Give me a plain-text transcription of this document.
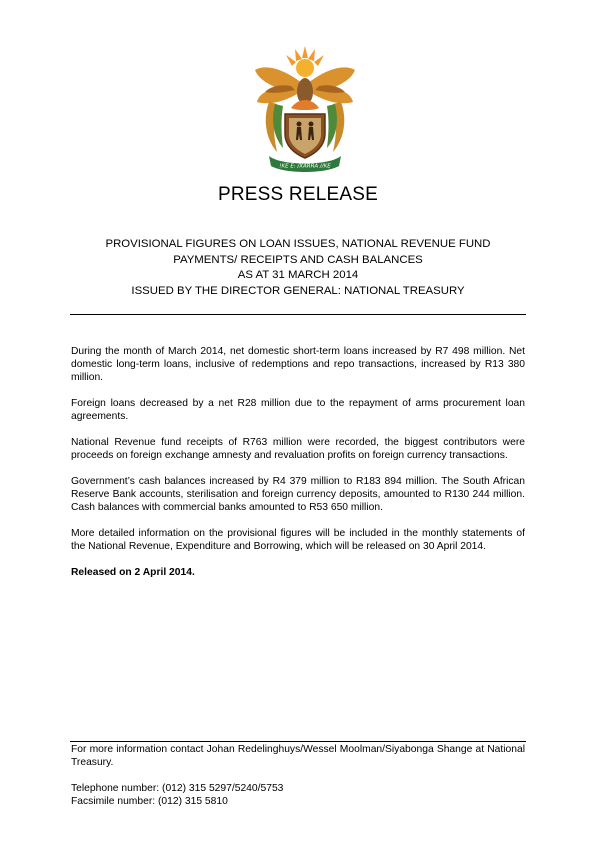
!KE E: /XARRA //KE
PRESS RELEASE
PROVISIONAL FIGURES ON LOAN ISSUES, NATIONAL REVENUE FUND
PAYMENTS/ RECEIPTS AND CASH BALANCES
AS AT 31 MARCH 2014
ISSUED BY THE DIRECTOR GENERAL: NATIONAL TREASURY

During the month of March 2014, net domestic short-term loans increased by R7 498 million. Net domestic long-term loans, inclusive of redemptions and repo transactions, increased by R13 380 million.

Foreign loans decreased by a net R28 million due to the repayment of arms procurement loan agreements.

National Revenue fund receipts of R763 million were recorded, the biggest contributors were proceeds on foreign exchange amnesty and revaluation profits on foreign currency transactions.

Government’s cash balances increased by R4 379 million to R183 894 million. The South African Reserve Bank accounts, sterilisation and foreign currency deposits, amounted to R130 244 million. Cash balances with commercial banks amounted to R53 650 million.

More detailed information on the provisional figures will be included in the monthly statements of the National Revenue, Expenditure and Borrowing, which will be released on 30 April 2014.

Released on 2 April 2014.

For more information contact Johan Redelinghuys/Wessel Moolman/Siyabonga Shange at National Treasury.

Telephone number: (012) 315 5297/5240/5753
Facsimile number: (012) 315 5810
